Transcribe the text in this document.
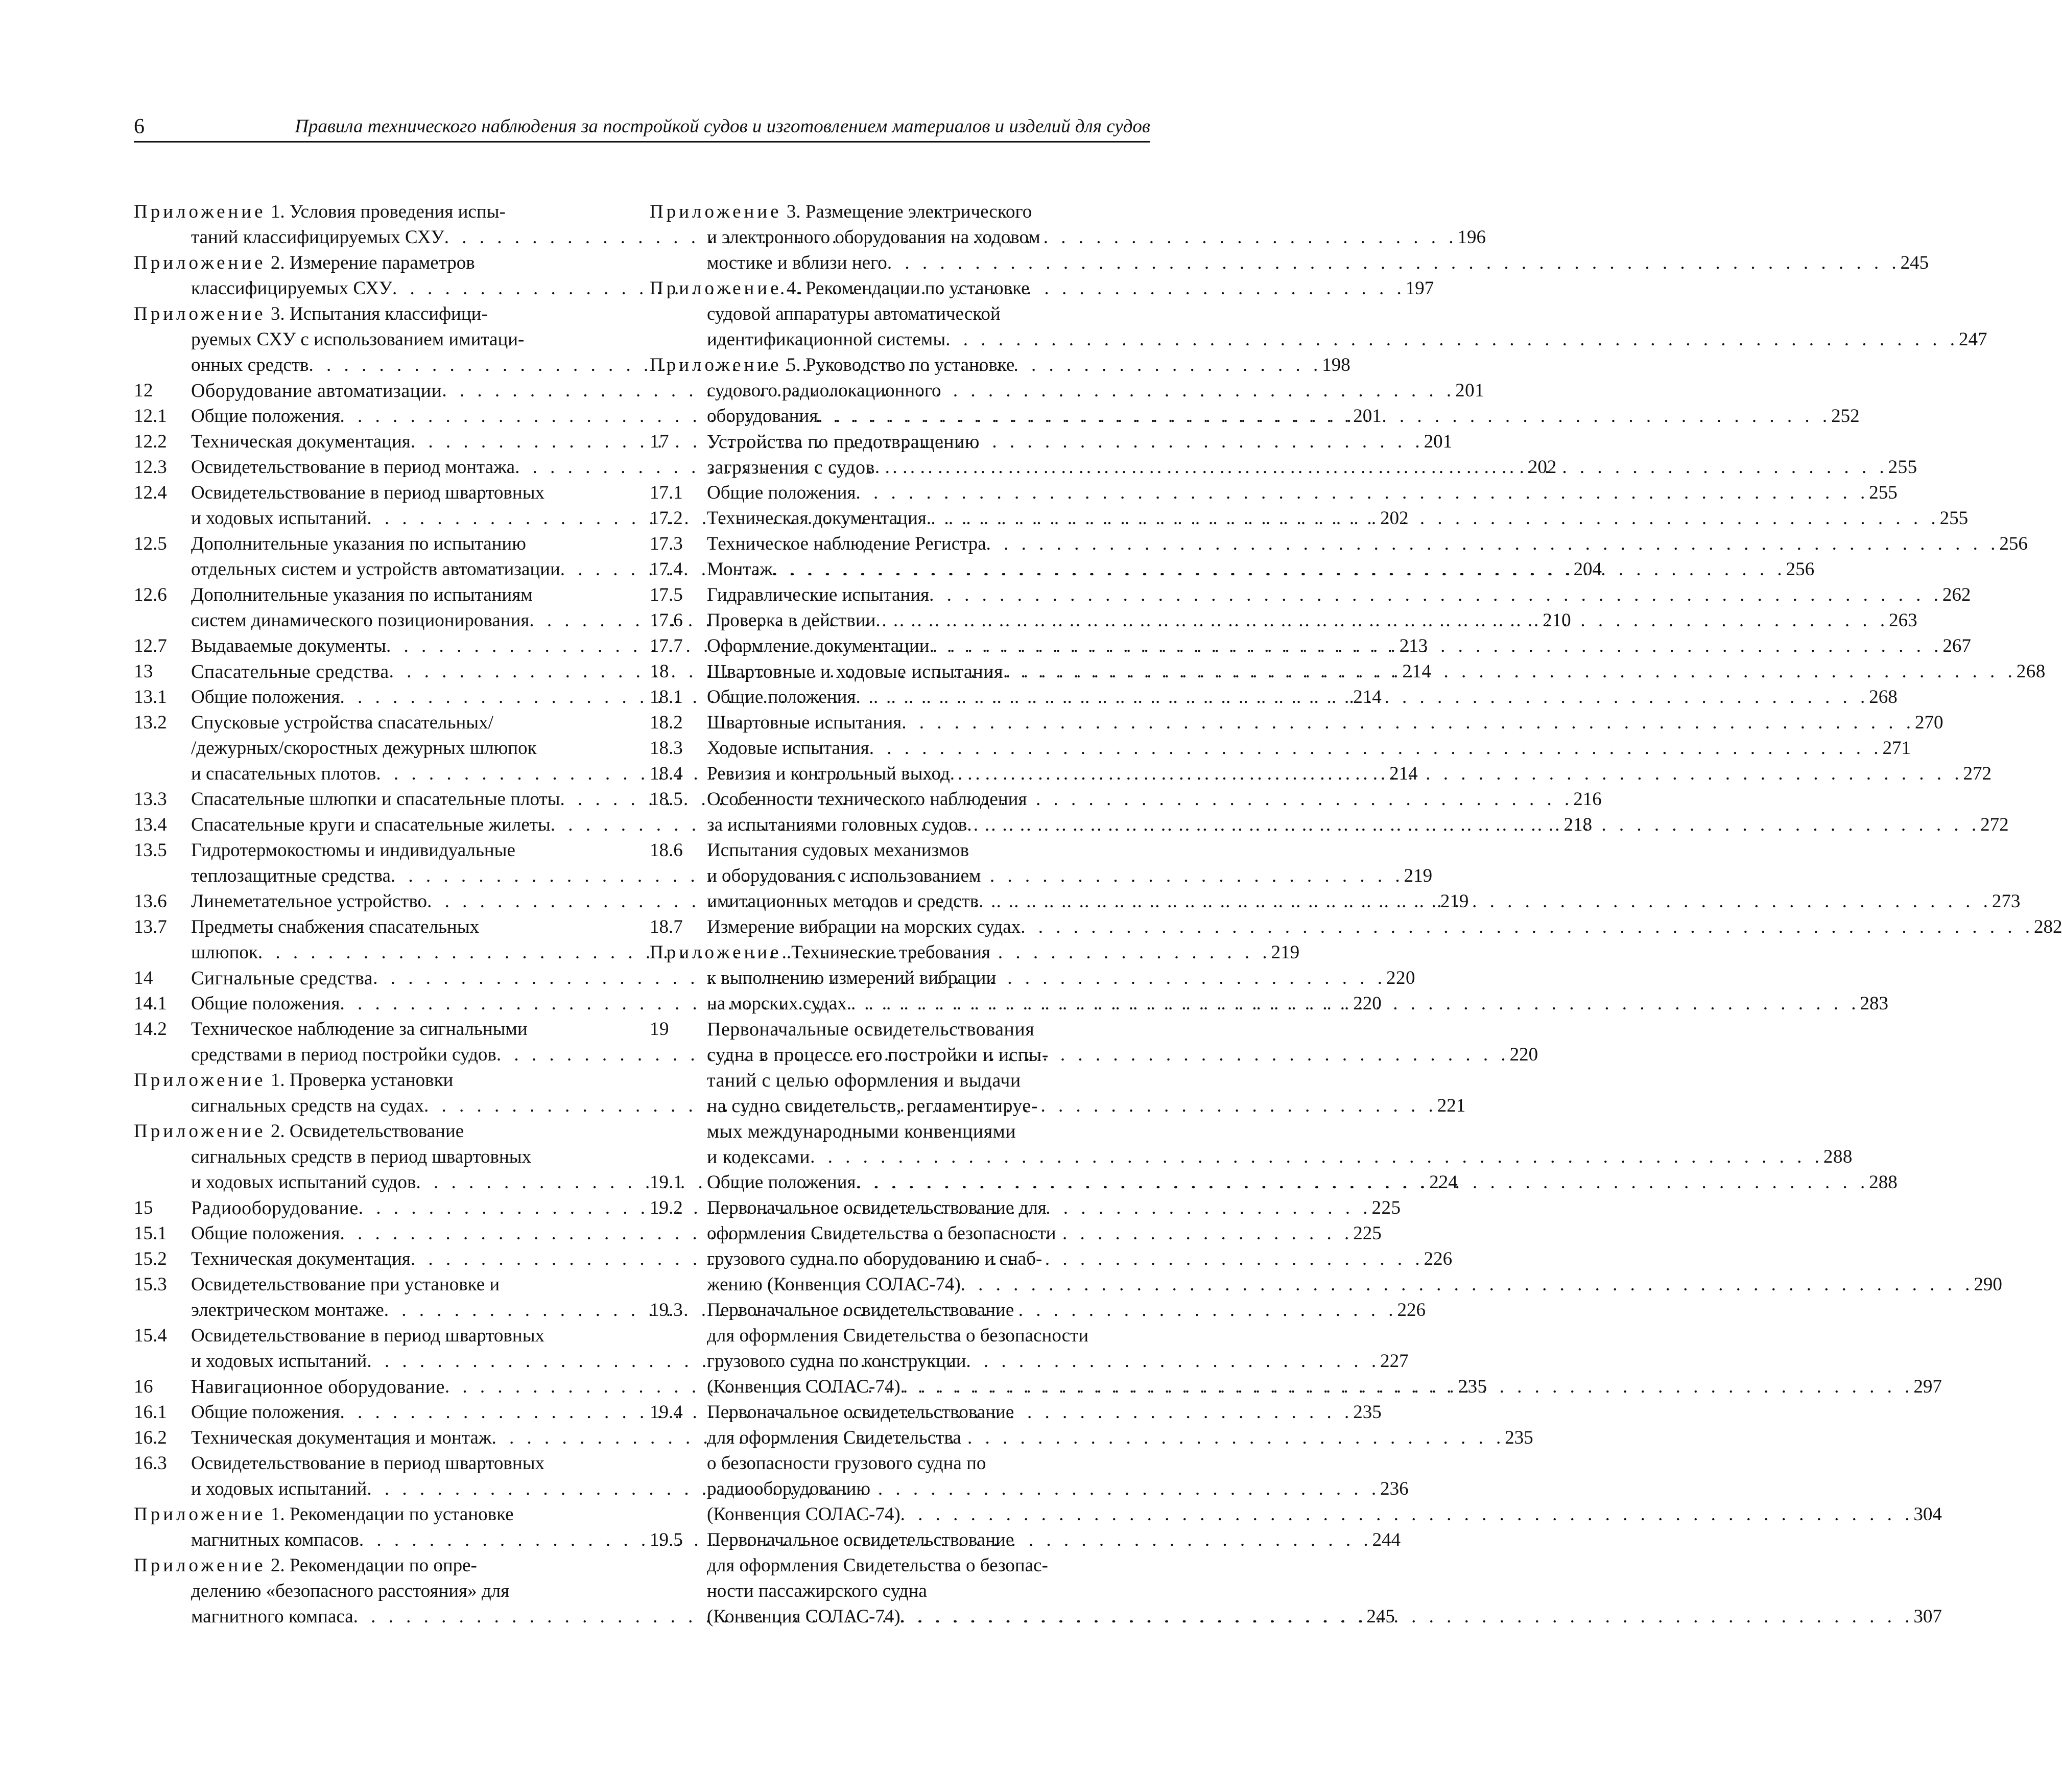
6	Правила технического наблюдения за постройкой судов и изготовлением материалов и изделий для судов
Приложение 1. Условия проведения испы-
таний классифицируемых СХУ . . .	196
Приложение 2. Измерение параметров
классифицируемых СХУ . . .	197
Приложение 3. Испытания классифици-
руемых СХУ с использованием имитаци-
онных средств . . .	198
12	Оборудование автоматизации . . .	201
12.1	Общие положения . . .	201
12.2	Техническая документация . . .	201
12.3	Освидетельствование в период монтажа . . .	202
12.4	Освидетельствование в период швартовных
и ходовых испытаний . . .	202
12.5	Дополнительные указания по испытанию
отдельных систем и устройств автоматизации . . .	204
12.6	Дополнительные указания по испытаниям
систем динамического позиционирования . . .	210
12.7	Выдаваемые документы . . .	213
13	Спасательные средства . . .	214
13.1	Общие положения . . .	214
13.2	Спусковые устройства спасательных/
/дежурных/скоростных дежурных шлюпок
и спасательных плотов . . .	214
13.3	Спасательные шлюпки и спасательные плоты . . .	216
13.4	Спасательные круги и спасательные жилеты . . .	218
13.5	Гидротермокостюмы и индивидуальные
теплозащитные средства . . .	219
13.6	Линеметательное устройство . . .	219
13.7	Предметы снабжения спасательных
шлюпок . . .	219
14	Сигнальные средства . . .	220
14.1	Общие положения . . .	220
14.2	Техническое наблюдение за сигнальными
средствами в период постройки судов . . .	220
Приложение 1. Проверка установки
сигнальных средств на судах . . .	221
Приложение 2. Освидетельствование
сигнальных средств в период швартовных
и ходовых испытаний судов . . .	224
15	Радиооборудование . . .	225
15.1	Общие положения . . .	225
15.2	Техническая документация . . .	226
15.3	Освидетельствование при установке и
электрическом монтаже . . .	226
15.4	Освидетельствование в период швартовных
и ходовых испытаний . . .	227
16	Навигационное оборудование . . .	235
16.1	Общие положения . . .	235
16.2	Техническая документация и монтаж . . .	235
16.3	Освидетельствование в период швартовных
и ходовых испытаний . . .	236
Приложение 1. Рекомендации по установке
магнитных компасов . . .	244
Приложение 2. Рекомендации по опре-
делению «безопасного расстояния» для
магнитного компаса . . .	245
Приложение 3. Размещение электрического
и электронного оборудования на ходовом
мостике и вблизи него . . .	245
Приложение 4. Рекомендации по установке
судовой аппаратуры автоматической
идентификационной системы . . .	247
Приложение 5. Руководство по установке
судового радиолокационного
оборудования . . .	252
17	Устройства по предотвращению
загрязнения с судов . . .	255
17.1	Общие положения . . .	255
17.2	Техническая документация . . .	255
17.3	Техническое наблюдение Регистра . . .	256
17.4	Монтаж . . .	256
17.5	Гидравлические испытания . . .	262
17.6	Проверка в действии . . .	263
17.7	Оформление документации . . .	267
18	Швартовные и ходовые испытания . . .	268
18.1	Общие положения . . .	268
18.2	Швартовные испытания . . .	270
18.3	Ходовые испытания . . .	271
18.4	Ревизия и контрольный выход . . .	272
18.5	Особенности технического наблюдения
за испытаниями головных судов . . .	272
18.6	Испытания судовых механизмов
и оборудования с использованием
имитационных методов и средств . . .	273
18.7	Измерение вибрации на морских судах . . .	282
Приложение. Технические требования
к выполнению измерений вибрации
на морских судах . . .	283
19	Первоначальные освидетельствования
судна в процессе его постройки и испы-
таний с целью оформления и выдачи
на судно свидетельств, регламентируе-
мых международными конвенциями
и кодексами . . .	288
19.1	Общие положения . . .	288
19.2	Первоначальное освидетельствование для
оформления Свидетельства о безопасности
грузового судна по оборудованию и снаб-
жению (Конвенция СОЛАС-74) . . .	290
19.3	Первоначальное освидетельствование
для оформления Свидетельства о безопасности
грузового судна по конструкции
(Конвенция СОЛАС-74) . . .	297
19.4	Первоначальное освидетельствование
для оформления Свидетельства
о безопасности грузового судна по
радиооборудованию
(Конвенция СОЛАС-74) . . .	304
19.5	Первоначальное освидетельствование
для оформления Свидетельства о безопас-
ности пассажирского судна
(Конвенция СОЛАС-74) . . .	307
